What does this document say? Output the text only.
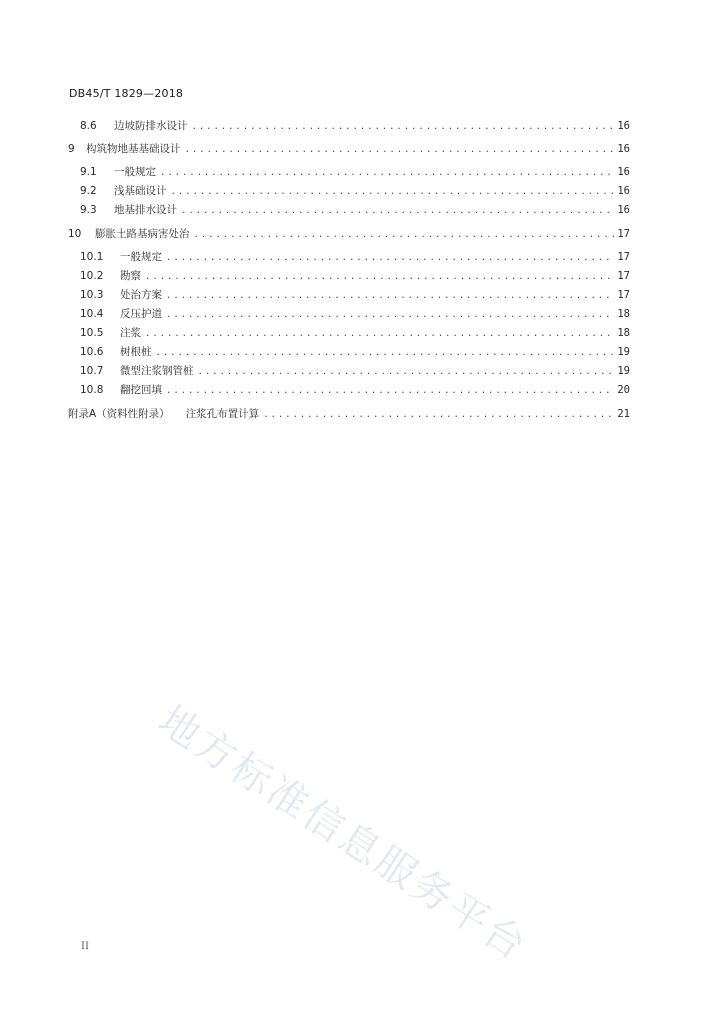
DB45/T 1829—2018
8.6	边坡防排水设计 .....	16
9	构筑物地基基础设计 .....	16
9.1	一般规定 .....	16
9.2	浅基础设计 .....	16
9.3	地基排水设计 .....	16
10	膨胀土路基病害处治 .....	17
10.1	一般规定 .....	17
10.2	勘察 .....	17
10.3	处治方案 .....	17
10.4	反压护道 .....	18
10.5	注浆 .....	18
10.6	树根桩 .....	19
10.7	微型注浆钢管桩 .....	19
10.8	翻挖回填 .....	20
附录A（资料性附录）	注浆孔布置计算 .....	21
地方标准信息服务平台
II
